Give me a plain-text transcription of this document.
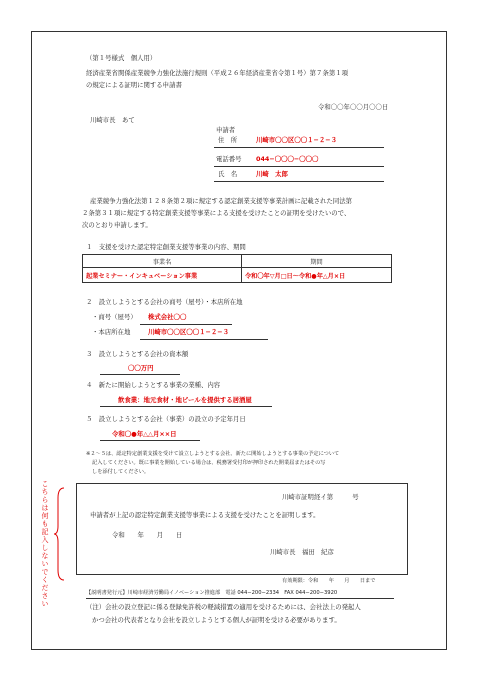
（第１号様式　個人用）
経済産業省関係産業競争力強化法施行規則（平成２６年経済産業省令第１号）第７条第１項
の規定による証明に関する申請書
令和〇〇年〇〇月〇〇日
川崎市長　あて
申請者
住　所	川崎市〇〇区〇〇１−２−３
電話番号 044−〇〇〇−〇〇〇
氏　名	川崎　太郎
産業競争力強化法第１２８条第２項に規定する認定創業支援等事業計画に記載された同法第
２条第３１項に規定する特定創業支援等事業による支援を受けたことの証明を受けたいので、
次のとおり申請します。
１　支援を受けた認定特定創業支援等事業の内容、期間
事業名	期間
起業セミナー・インキュベーション事業	令和〇年▽月□日～令和●年△月×日
２　設立しようとする会社の商号（屋号）・本店所在地
・商号（屋号） 株式会社〇〇
・本店所在地	川崎市〇〇区〇〇１−２−３
３　設立しようとする会社の資本額
〇〇万円
４　新たに開始しようとする事業の業種、内容
飲食業：地元食材・地ビールを提供する居酒屋
５　設立しようとする会社（事業）の設立の予定年月日
令和〇●年△△月××日
※２～５は、認定特定創業支援を受けて設立しようとする会社、新たに開始しようとする事業の予定について
記入してください。既に事業を開始している場合は、税務署受付印が押印された開業届またはその写
しを添付してください。
こちらは何も記入しないでください	川崎市証明経イ第　　　号
申請者が上記の認定特定創業支援等事業による支援を受けたことを証明します。
令和　　年　　月　　日
川崎市長　福田　紀彦
有効期限：令和　　年　　月　　日まで
【説明書発行元】川崎市経済労働局イノベーション推進部　電話 044−200−2334　FAX 044−200−3920
（注）会社の設立登記に係る登録免許税の軽減措置の適用を受けるためには、会社法上の発起人
かつ会社の代表者となり会社を設立しようとする個人が証明を受ける必要があります。
